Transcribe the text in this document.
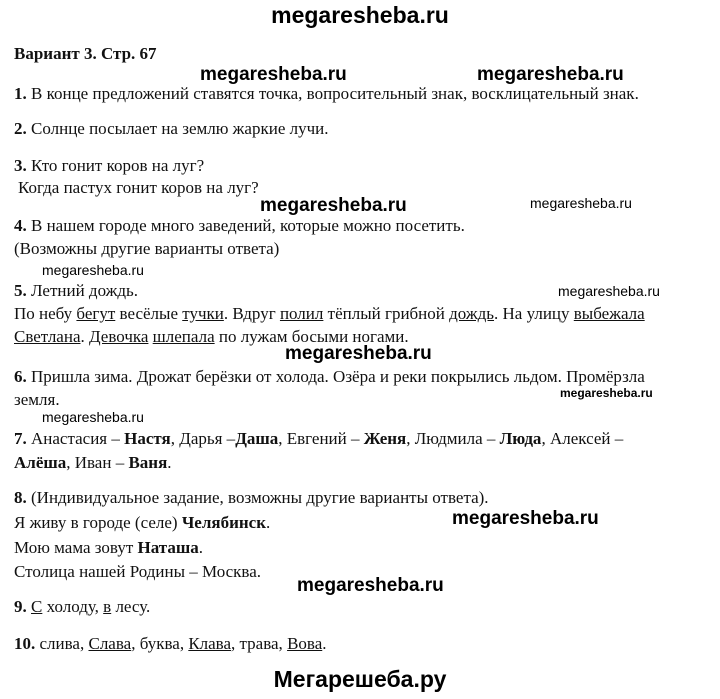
megaresheba.ru
Вариант 3. Стр. 67
megaresheba.ru	megaresheba.ru
megaresheba.ru	megaresheba.ru
megaresheba.ru
megaresheba.ru
megaresheba.ru
megaresheba.ru
megaresheba.ru
megaresheba.ru
megaresheba.ru
1. В конце предложений ставятся точка, вопросительный знак, восклицательный знак.
2. Солнце посылает на землю жаркие лучи.
3. Кто гонит коров на луг?
Когда пастух гонит коров на луг?
4. В нашем городе много заведений, которые можно посетить.
(Возможны другие варианты ответа)
5. Летний дождь.
По небу бегут весёлые тучки. Вдруг полил тёплый грибной дождь. На улицу выбежала
Светлана. Девочка шлепала по лужам босыми ногами.
6. Пришла зима. Дрожат берёзки от холода. Озёра и реки покрылись льдом. Промёрзла
земля.
7. Анастасия – Настя, Дарья –Даша, Евгений – Женя, Людмила – Люда, Алексей –
Алёша, Иван – Ваня.
8. (Индивидуальное задание, возможны другие варианты ответа).
Я живу в городе (селе) Челябинск.
Мою мама зовут Наташа.
Столица нашей Родины – Москва.
9. С холоду, в лесу.
10. слива, Слава, буква, Клава, трава, Вова.
Мегарешеба.ру
